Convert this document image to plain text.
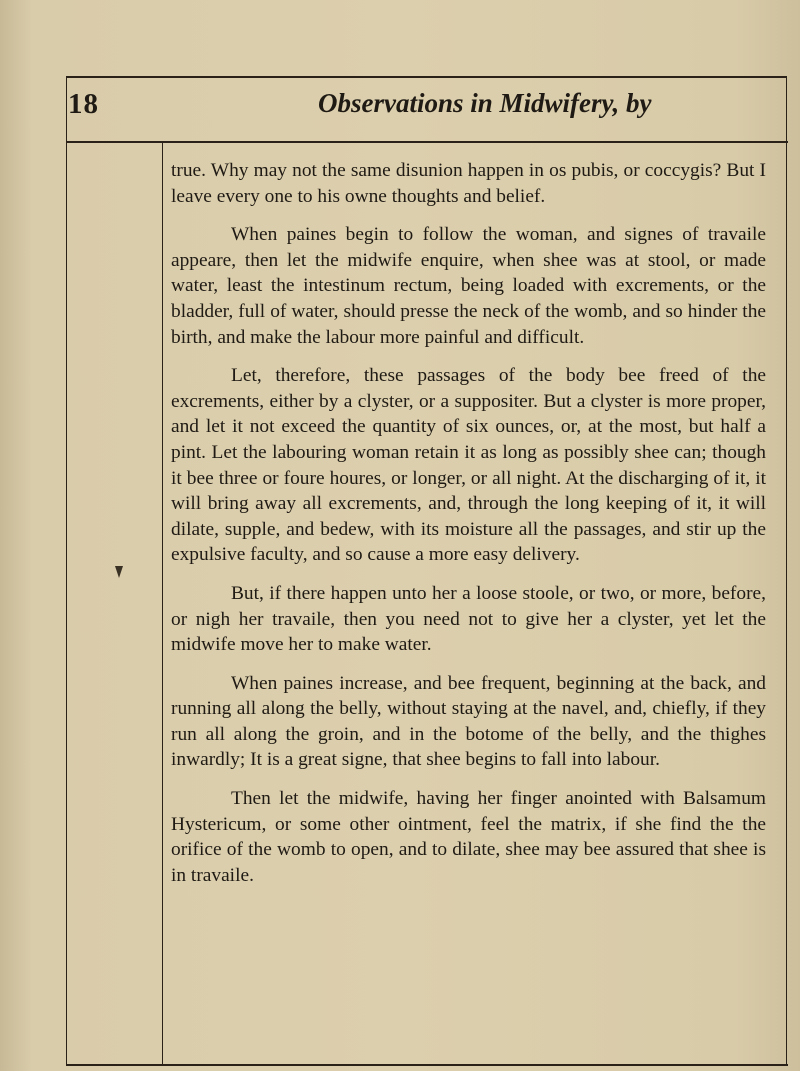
18	Observations in Midwifery, by

true. Why may not the same disunion happen in os pubis, or coccygis? But I leave every one to his owne thoughts and belief.

When paines begin to follow the woman, and signes of travaile appeare, then let the midwife enquire, when shee was at stool, or made water, least the intestinum rectum, being loaded with excrements, or the bladder, full of water, should presse the neck of the womb, and so hinder the birth, and make the labour more painful and difficult.

Let, therefore, these passages of the body bee freed of the excrements, either by a clyster, or a suppositer. But a clyster is more proper, and let it not exceed the quantity of six ounces, or, at the most, but half a pint. Let the labouring woman retain it as long as possibly shee can; though it bee three or foure houres, or longer, or all night. At the discharging of it, it will bring away all excrements, and, through the long keeping of it, it will dilate, supple, and bedew, with its moisture all the passages, and stir up the expulsive faculty, and so cause a more easy delivery.

But, if there happen unto her a loose stoole, or two, or more, before, or nigh her travaile, then you need not to give her a clyster, yet let the midwife move her to make water.

When paines increase, and bee frequent, beginning at the back, and running all along the belly, without staying at the navel, and, chiefly, if they run all along the groin, and in the botome of the belly, and the thighes inwardly; It is a great signe, that shee begins to fall into labour.

Then let the midwife, having her finger anointed with Balsamum Hystericum, or some other ointment, feel the matrix, if she find the the orifice of the womb to open, and to dilate, shee may bee assured that shee is in travaile.
